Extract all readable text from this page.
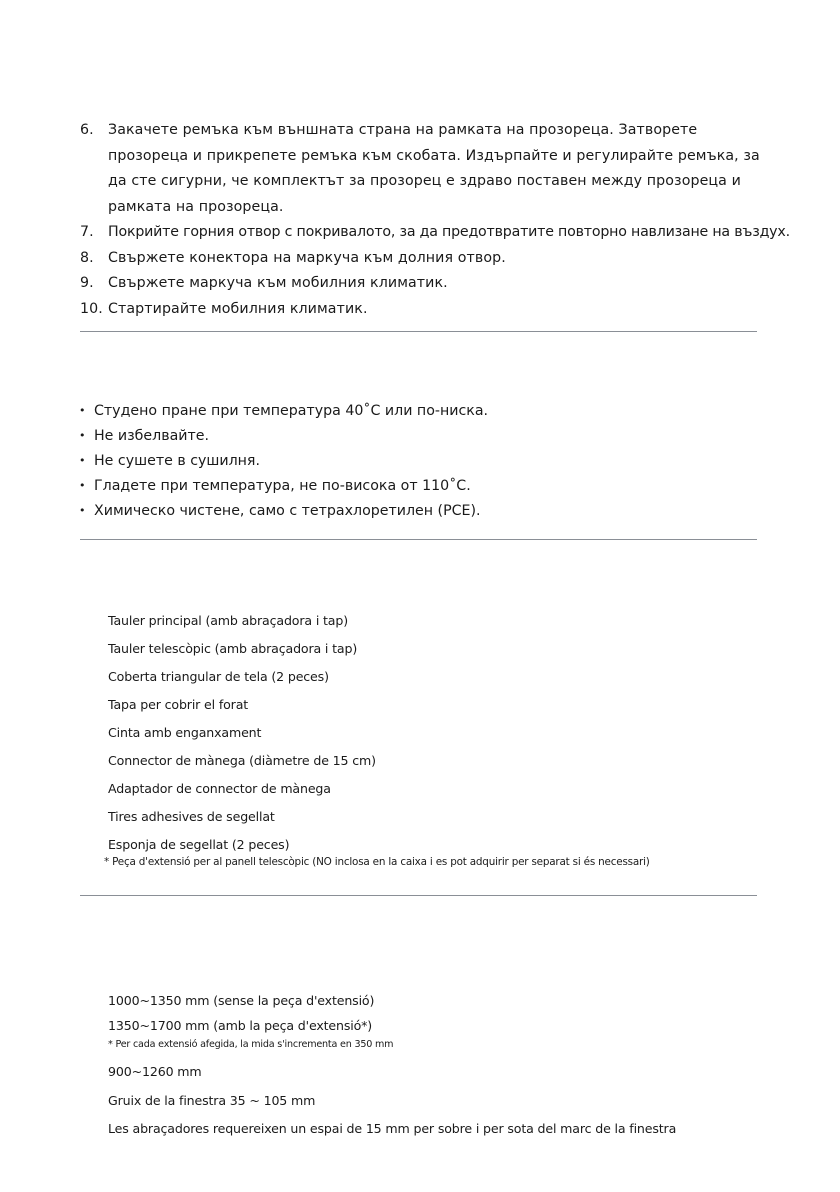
6.	Закачете ремъка към външната страна на рамката на прозореца. Затворете прозореца и прикрепете ремъка към скобата. Издърпайте и регулирайте ремъка, за да сте сигурни, че комплектът за прозорец е здраво поставен между прозореца и рамката на прозореца.
7.	Покрийте горния отвор с покривалото, за да предотвратите повторно навлизане на въздух.
8.	Свържете конектора на маркуча към долния отвор.
9.	Свържете маркуча към мобилния климатик.
10. Стартирайте мобилния климатик.
• Студено пране при температура 40˚C или по-ниска.
• Не избелвайте.
• Не сушете в сушилня.
• Гладете при температура, не по-висока от 110˚C.
• Химическо чистене, само с тетрахлоретилен (PCE).
Tauler principal (amb abraçadora i tap)
Tauler telescòpic (amb abraçadora i tap)
Coberta triangular de tela (2 peces)
Tapa per cobrir el forat
Cinta amb enganxament
Connector de mànega (diàmetre de 15 cm)
Adaptador de connector de mànega
Tires adhesives de segellat
Esponja de segellat (2 peces)
* Peça d'extensió per al panell telescòpic (NO inclosa en la caixa i es pot adquirir per separat si és necessari)
1000~1350 mm (sense la peça d'extensió)
1350~1700 mm (amb la peça d'extensió*)
* Per cada extensió afegida, la mida s'incrementa en 350 mm
900~1260 mm
Gruix de la finestra 35 ~ 105 mm
Les abraçadores requereixen un espai de 15 mm per sobre i per sota del marc de la finestra
